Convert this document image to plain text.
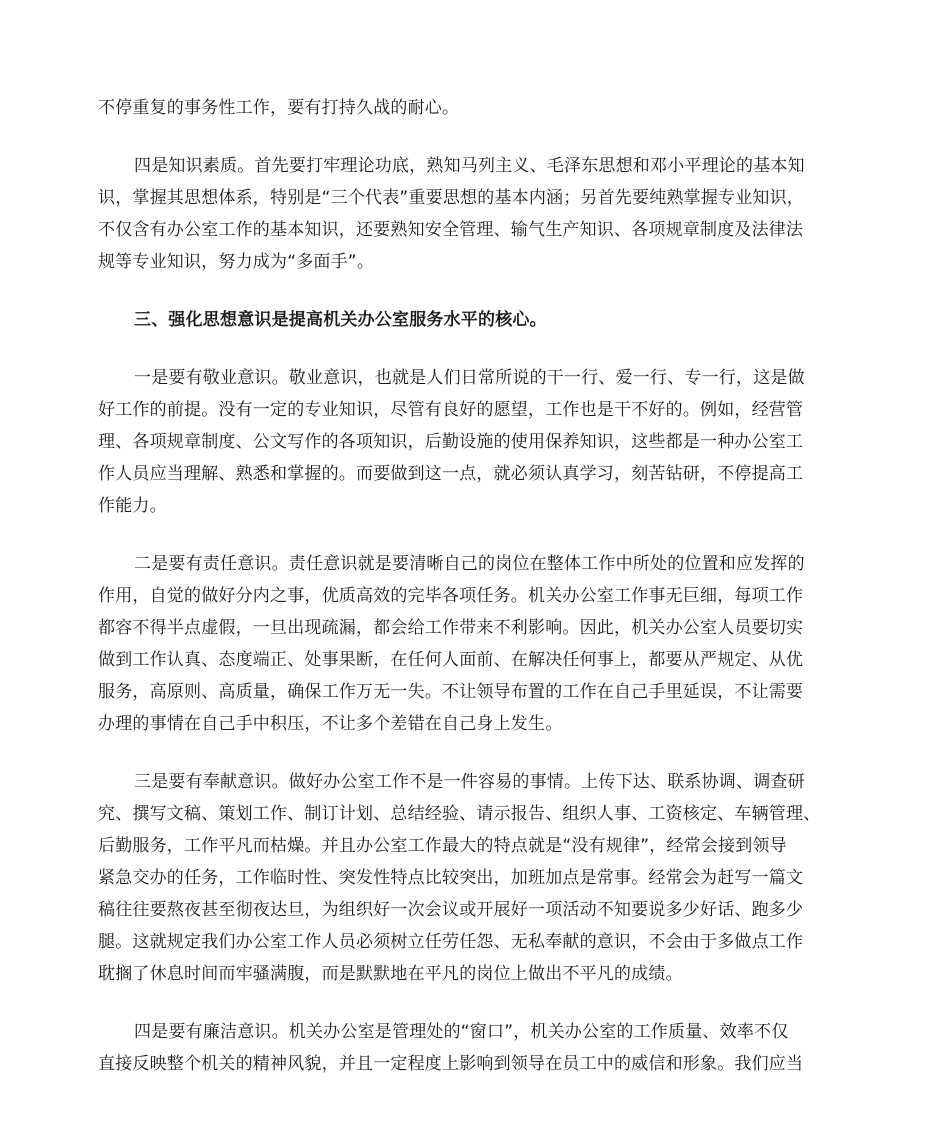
不停重复的事务性工作，要有打持久战的耐心。
四是知识素质。首先要打牢理论功底，熟知马列主义、毛泽东思想和邓小平理论的基本知
识，掌握其思想体系，特别是“三个代表”重要思想的基本内涵；另首先要纯熟掌握专业知识，
不仅含有办公室工作的基本知识，还要熟知安全管理、输气生产知识、各项规章制度及法律法
规等专业知识，努力成为“多面手”。
三、强化思想意识是提高机关办公室服务水平的核心。
一是要有敬业意识。敬业意识，也就是人们日常所说的干一行、爱一行、专一行，这是做
好工作的前提。没有一定的专业知识，尽管有良好的愿望，工作也是干不好的。例如，经营管
理、各项规章制度、公文写作的各项知识，后勤设施的使用保养知识，这些都是一种办公室工
作人员应当理解、熟悉和掌握的。而要做到这一点，就必须认真学习，刻苦钻研，不停提高工
作能力。
二是要有责任意识。责任意识就是要清晰自己的岗位在整体工作中所处的位置和应发挥的
作用，自觉的做好分内之事，优质高效的完毕各项任务。机关办公室工作事无巨细，每项工作
都容不得半点虚假，一旦出现疏漏，都会给工作带来不利影响。因此，机关办公室人员要切实
做到工作认真、态度端正、处事果断，在任何人面前、在解决任何事上，都要从严规定、从优
服务，高原则、高质量，确保工作万无一失。不让领导布置的工作在自己手里延误，不让需要
办理的事情在自己手中积压，不让多个差错在自己身上发生。
三是要有奉献意识。做好办公室工作不是一件容易的事情。上传下达、联系协调、调查研
究、撰写文稿、策划工作、制订计划、总结经验、请示报告、组织人事、工资核定、车辆管理、
后勤服务，工作平凡而枯燥。并且办公室工作最大的特点就是“没有规律”，经常会接到领导
紧急交办的任务，工作临时性、突发性特点比较突出，加班加点是常事。经常会为赶写一篇文
稿往往要熬夜甚至彻夜达旦，为组织好一次会议或开展好一项活动不知要说多少好话、跑多少
腿。这就规定我们办公室工作人员必须树立任劳任怨、无私奉献的意识，不会由于多做点工作
耽搁了休息时间而牢骚满腹，而是默默地在平凡的岗位上做出不平凡的成绩。
四是要有廉洁意识。机关办公室是管理处的“窗口”，机关办公室的工作质量、效率不仅
直接反映整个机关的精神风貌，并且一定程度上影响到领导在员工中的威信和形象。我们应当
